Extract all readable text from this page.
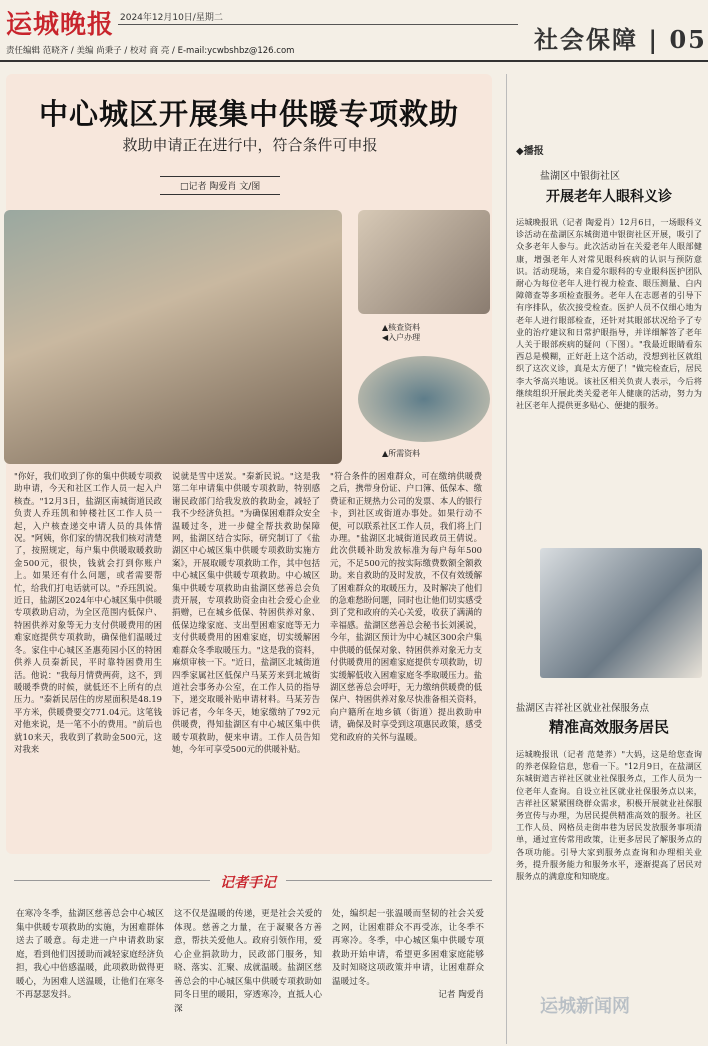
运城晚报 2024年12月10日/星期二
责任编辑 范晓齐 / 美编 尚秉子 / 校对 商 亮 / E-mail:ycwbshbz@126.com	社会保障 | 05
中心城区开展集中供暖专项救助
救助申请正在进行中，符合条件可申报
□记者 陶爱肖 文/图
▲核查资料
◀入户办理
▲所需资料
"你好，我们收到了你的集中供暖专项救助申请，今天和社区工作人员一起入户核查。"12月3日，盐湖区南城街道民政负责人乔珏凯和钟楼社区工作人员一起，入户核查递交申请人员的具体情况。"阿姨，你们家的情况我们核对清楚了，按照规定，每户集中供暖取暖救助金500元，很快，钱就会打到你账户上。如果还有什么问题，或者需要帮忙，给我们打电话就可以。"乔珏凯说。近日，盐湖区2024年中心城区集中供暖专项救助启动，为全区范围内低保户、特困供养对象等无力支付供暖费用的困难家庭提供专项救助，确保他们温暖过冬。家住中心城区圣惠苑园小区的特困供养人员秦新民，平时靠特困费用生活。他说："我每月情费两荷，这不，到暖暖季费的时候，就低还不上所有的点压力。"秦新民居住的房屋面积是48.19平方米，供暖费要交771.04元。这笔钱对他来说，是一笔不小的费用。"前后也就10来天，我收到了救助金500元，这对我来
说就是雪中送炭。"秦新民说。"这是我第二年申请集中供暖专项救助，特别感谢民政部门给我发放的救助金，减轻了我不少经济负担。"为确保困难群众安全温暖过冬，进一步健全帮扶救助保障网，盐湖区结合实际，研究制订了《盐湖区中心城区集中供暖专项救助实施方案》，开展取暖专项救助工作，其中包括中心城区集中供暖专项救助。中心城区集中供暖专项救助由盐湖区慈善总会负责开展，专项救助资金由社会爱心企业捐赠，已在城乡低保、特困供养对象、低保边缘家庭、支出型困难家庭等无力支付供暖费用的困难家庭，切实缓解困难群众冬季取暖压力。"这是我的资料，麻烦审核一下。"近日，盐湖区北城街道四季家属社区低保户马某芳来到北城街道社会事务办公室，在工作人员的指导下，递交取暖补贴申请材料。马某芳告诉记者，今年冬天，她家缴纳了792元供暖费，得知盐湖区有中心城区集中供暖专项救助，便来申请。工作人员告知她，今年可享受500元的供暖补贴。
"符合条件的困难群众，可在缴纳供暖费之后，携带身份证、户口簿、低保本、缴费证和正规热力公司的发票、本人的银行卡，到社区或街道办事处。如果行动不便，可以联系社区工作人员，我们将上门办理。"盐湖区北城街道民政员王倩说。此次供暖补助发放标准为每户每年500元，不足500元的按实际缴费数额全额救助。来自救助的及时发放，不仅有效缓解了困难群众的取暖压力，及时解决了他们的急难愁盼问题，同时也让他们切实感受到了党和政府的关心关爱，收获了满满的幸福感。盐湖区慈善总会秘书长刘溪说，今年，盐湖区预计为中心城区300余户集中供暖的低保对象、特困供养对象无力支付供暖费用的困难家庭提供专项救助，切实缓解低收入困难家庭冬季取暖压力。盐湖区慈善总会呼吁，无力缴纳供暖费的低保户、特困供养对象尽快准备相关资料，向户籍所在地乡镇（街道）提出救助申请，确保及时享受到这项惠民政策，感受党和政府的关怀与温暖。
记者手记
在寒冷冬季，盐湖区慈善总会中心城区集中供暖专项救助的实施，为困难群体送去了暖意。每走进一户申请救助家庭，看到他们因援助而减轻家庭经济负担，我心中倍感温暖，此项救助做得更暖心，为困难人送温暖，让他们在寒冬不再瑟瑟发抖。
这不仅是温暖的传递，更是社会关爱的体现。慈善之力量，在于凝聚各方善意，帮扶关爱他人。政府引领作用，爱心企业捐款助力，民政部门服务，知晓、落实、汇聚、成就温暖。盐湖区慈善总会的中心城区集中供暖专项救助如同冬日里的暖阳，穿透寒冷，直抵人心深
处，编织起一张温暖而坚韧的社会关爱之网，让困难群众不再受冻，让冬季不再寒冷。冬季，中心城区集中供暖专项救助开始申请，希望更多困难家庭能够及时知晓这项政策并申请，让困难群众温暖过冬。
记者 陶爱肖
◆播报
盐湖区中银街社区
开展老年人眼科义诊
运城晚报讯（记者 陶爱肖）12月6日，一场眼科义诊活动在盐湖区东城街道中银街社区开展，吸引了众多老年人参与。此次活动旨在关爱老年人眼部健康，增强老年人对常见眼科疾病的认识与预防意识。活动现场，来自爱尔眼科的专业眼科医护团队耐心为每位老年人进行视力检查、眼压测量、白内障筛查等多项检查服务。老年人在志愿者的引导下有序排队，依次接受检查。医护人员不仅细心地为老年人进行眼部检查，还针对其眼部状况给予了专业的治疗建议和日常护眼指导，并详细解答了老年人关于眼部疾病的疑问（下图）。"我最近眼睛看东西总是模糊，正好赶上这个活动，没想到社区就组织了这次义诊，真是太方便了！"做完检查后，居民李大爷高兴地说。该社区相关负责人表示，今后将继续组织开展此类关爱老年人健康的活动，努力为社区老年人提供更多贴心、便捷的服务。
盐湖区吉祥社区就业社保服务点
精准高效服务居民
运城晚报讯（记者 范楚荞）"大妈，这是给您查询的养老保险信息，您看一下。"12月9日，在盐湖区东城街道吉祥社区就业社保服务点，工作人员为一位老年人查询。自设立社区就业社保服务点以来，吉祥社区紧紧围绕群众需求，积极开展就业社保服务宣传与办理，为居民提供精准高效的服务。社区工作人员、网格员走街串巷为居民发放服务事项清单，通过宣传常用政策，让更多居民了解服务点的各项功能。引导大家到服务点查询和办理相关业务，提升服务能力和服务水平，逐渐提高了居民对服务点的满意度和知晓度。
运城新闻网
